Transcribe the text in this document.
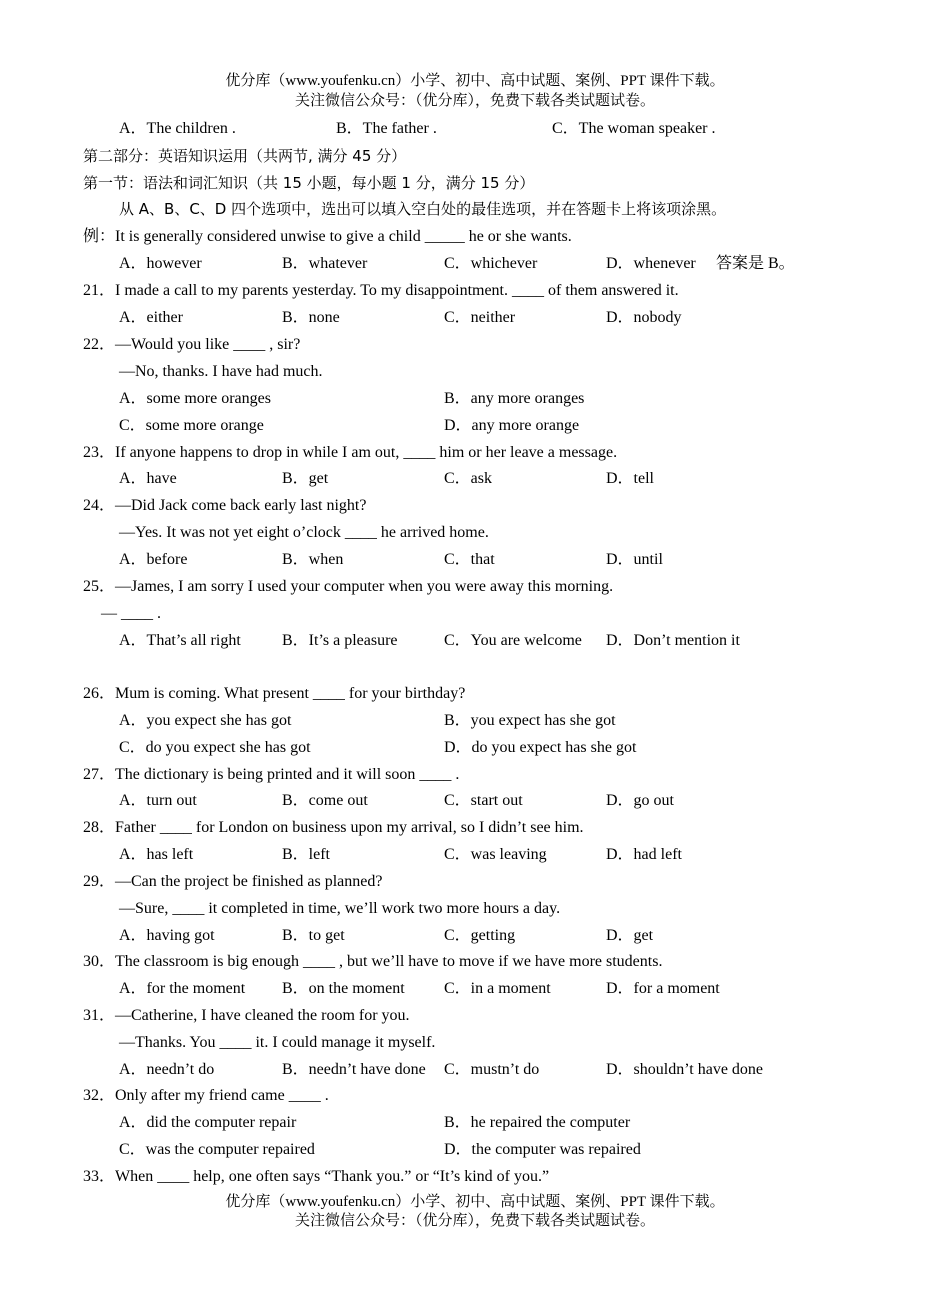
优分库（www.youfenku.cn）小学、初中、高中试题、案例、PPT 课件下载。
关注微信公众号：（优分库），免费下载各类试题试卷。
A．The children .	B．The father .	C．The woman speaker .
第二部分：英语知识运用（共两节, 满分 45 分）
第一节：语法和词汇知识（共 15 小题，每小题 1 分，满分 15 分）
从 A、B、C、D 四个选项中，选出可以填入空白处的最佳选项，并在答题卡上将该项涂黑。
例：It is generally considered unwise to give a child _____ he or she wants.
A．however	B．whatever	C．whichever	D．whenever 答案是 B。
21．I made a call to my parents yesterday. To my disappointment. ____ of them answered it.
A．either	B．none	C．neither	D．nobody
22．—Would you like ____ , sir?
—No, thanks. I have had much.
A．some more oranges	B．any more oranges
C．some more orange	D．any more orange
23．If anyone happens to drop in while I am out, ____ him or her leave a message.
A．have	B．get	C．ask	D．tell
24．—Did Jack come back early last night?
—Yes. It was not yet eight o’clock ____ he arrived home.
A．before	B．when	C．that	D．until
25．—James, I am sorry I used your computer when you were away this morning.
— ____ .
A．That’s all right	B．It’s a pleasure	C．You are welcome D．Don’t mention it
26．Mum is coming. What present ____ for your birthday?
A．you expect she has got	B．you expect has she got
C．do you expect she has got	D．do you expect has she got
27．The dictionary is being printed and it will soon ____ .
A．turn out	B．come out	C．start out	D．go out
28．Father ____ for London on business upon my arrival, so I didn’t see him.
A．has left	B．left	C．was leaving	D．had left
29．—Can the project be finished as planned?
—Sure, ____ it completed in time, we’ll work two more hours a day.
A．having got	B．to get	C．getting	D．get
30．The classroom is big enough ____ , but we’ll have to move if we have more students.
A．for the moment B．on the moment C．in a moment	D．for a moment
31．—Catherine, I have cleaned the room for you.
—Thanks. You ____ it. I could manage it myself.
A．needn’t do	B．needn’t have done C．mustn’t do	D．shouldn’t have done
32．Only after my friend came ____ .
A．did the computer repair	B．he repaired the computer
C．was the computer repaired	D．the computer was repaired
33．When ____ help, one often says “Thank you.” or “It’s kind of you.”
优分库（www.youfenku.cn）小学、初中、高中试题、案例、PPT 课件下载。
关注微信公众号：（优分库），免费下载各类试题试卷。
